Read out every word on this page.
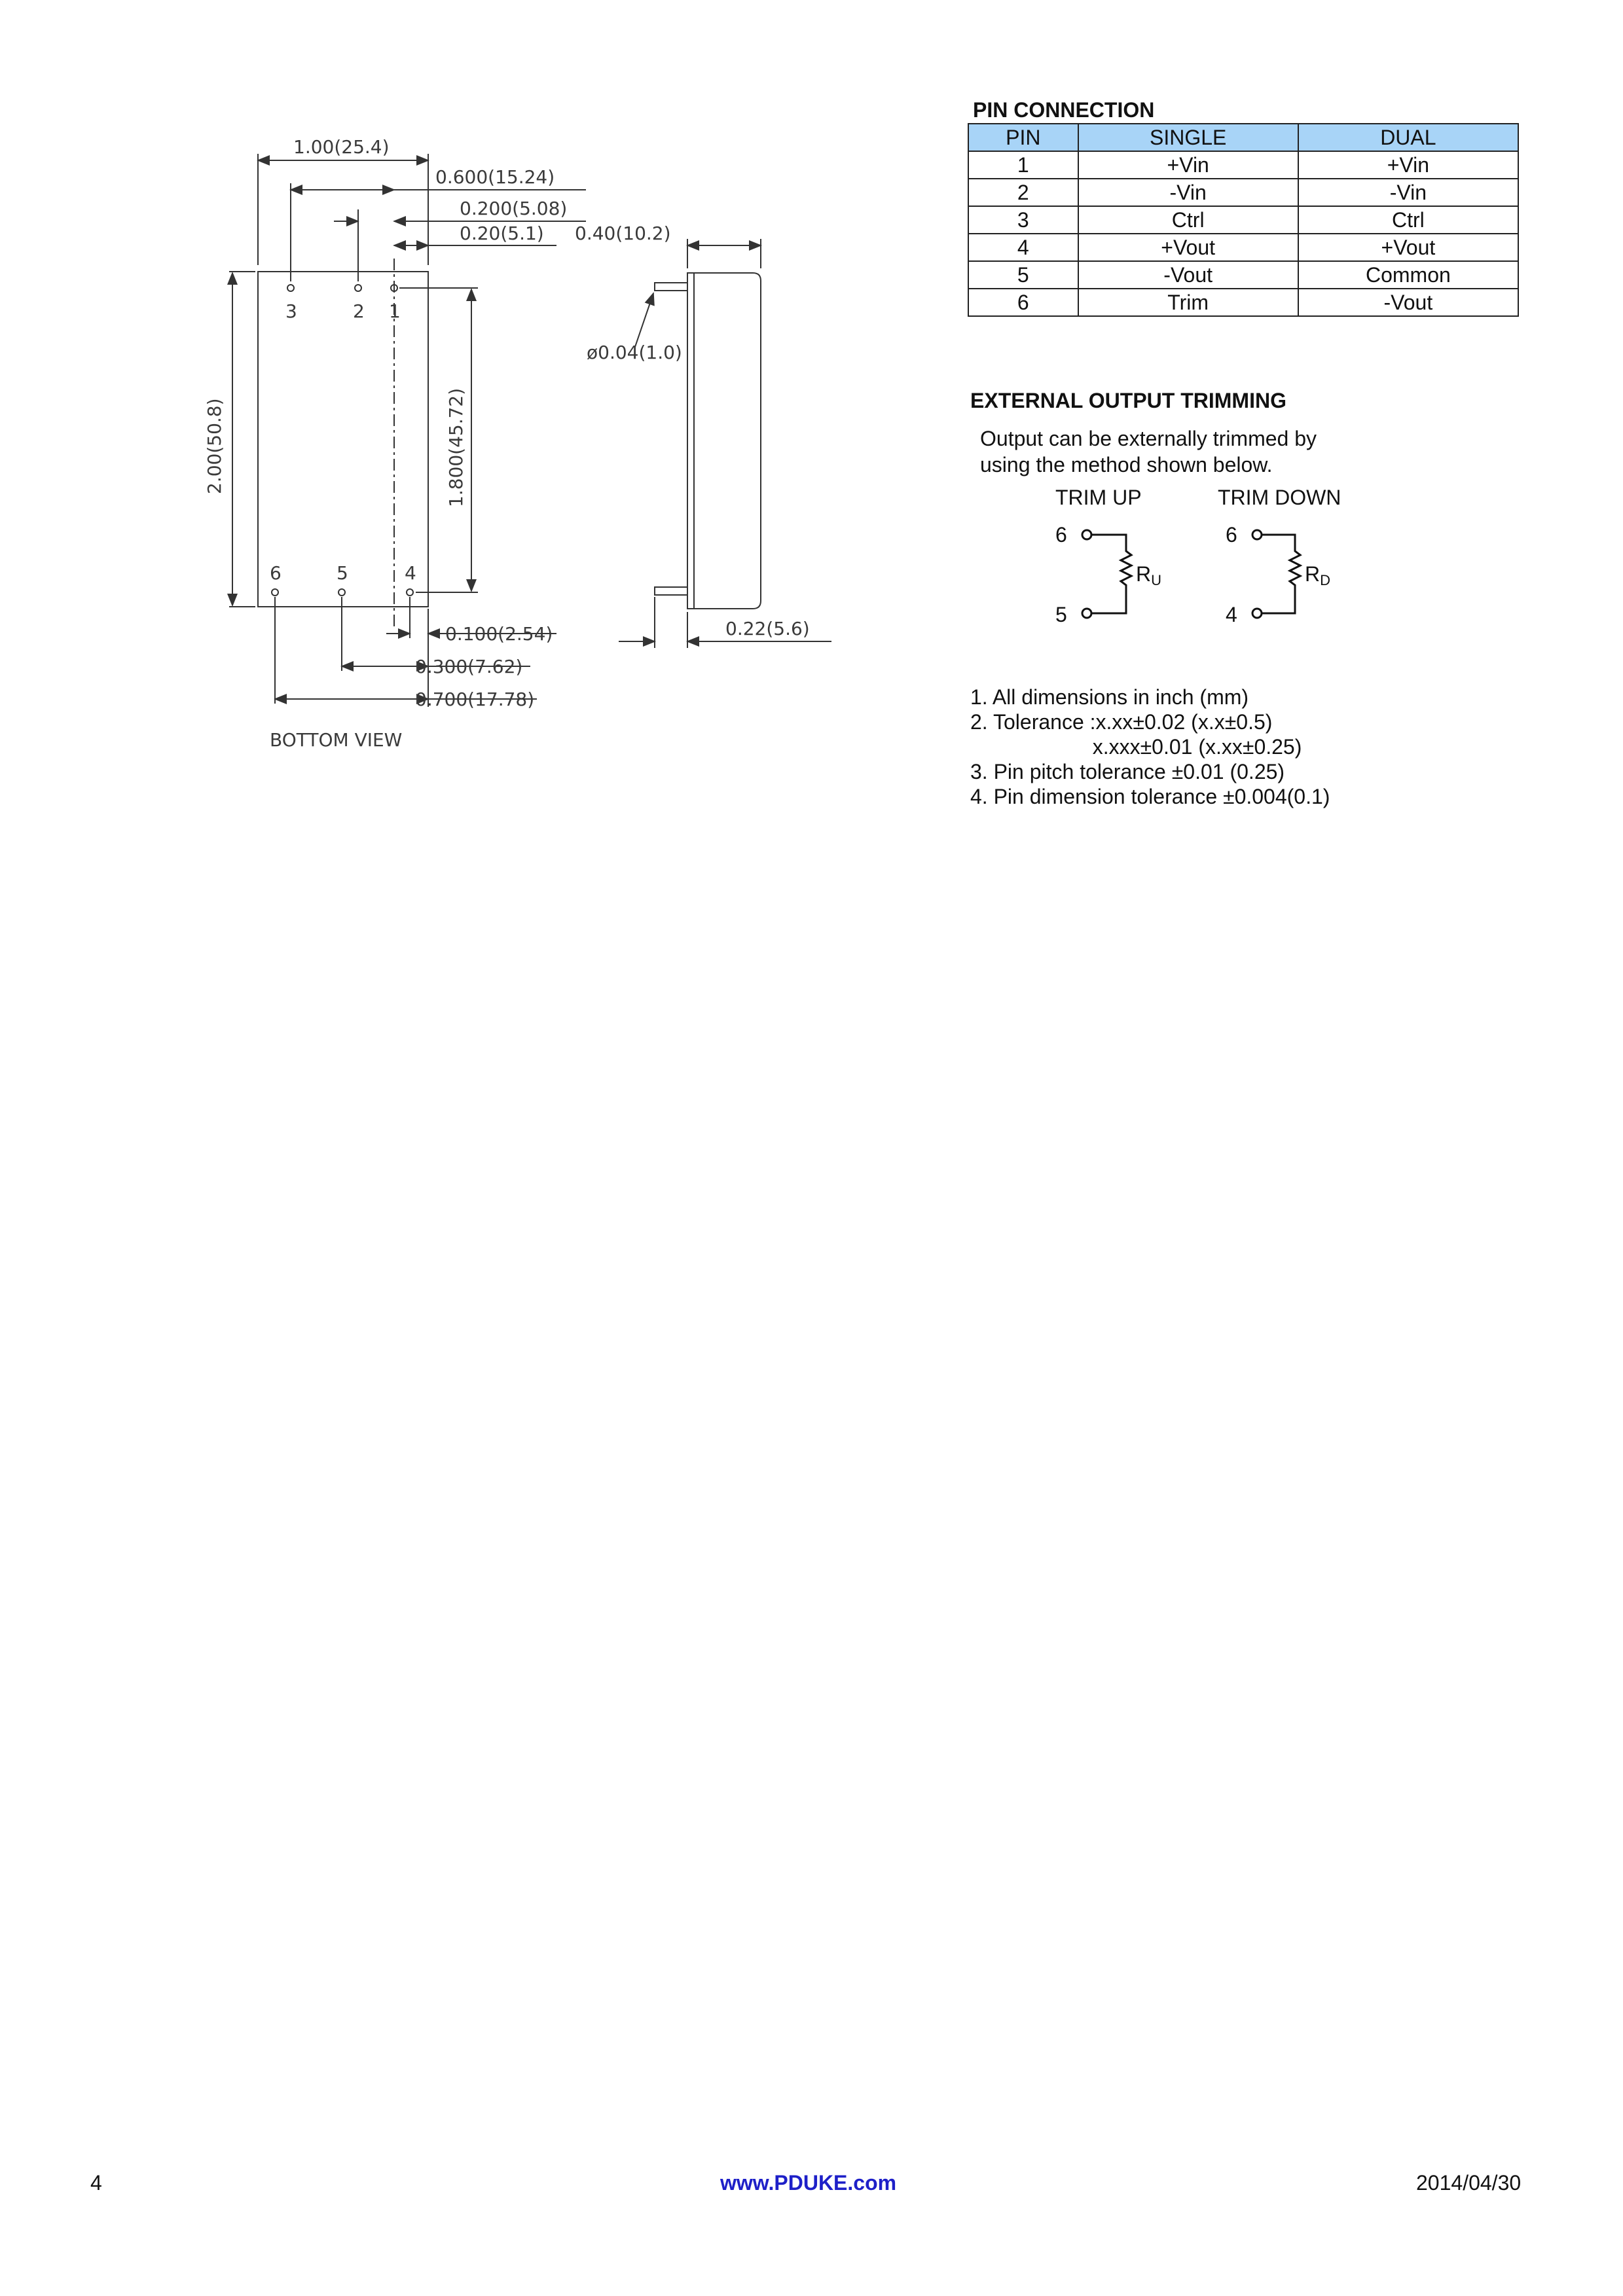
1.00(25.4)
0.600(15.24)
0.200(5.08)
0.20(5.1) 0.40(10.2)
ø0.04(1.0)
3	2 1
6	5	4
2.00(50.8)	1.800(45.72)
0.100(2.54)
0.300(7.62)
0.700(17.78)
0.22(5.6)
BOTTOM VIEW
PIN CONNECTION
PIN	SINGLE	DUAL
1	+Vin	+Vin
2	-Vin	-Vin
3	Ctrl	Ctrl
4	+Vout	+Vout
5	-Vout	Common
6	Trim	-Vout
EXTERNAL OUTPUT TRIMMING
Output can be externally trimmed by
using the method shown below.
TRIM UP
6
5
RU
TRIM DOWN
6
4
RD
1. All dimensions in inch (mm)
2. Tolerance :x.xx±0.02 (x.x±0.5)
x.xxx±0.01 (x.xx±0.25)
3. Pin pitch tolerance ±0.01 (0.25)
4. Pin dimension tolerance ±0.004(0.1)
4	www.PDUKE.com	2014/04/30
